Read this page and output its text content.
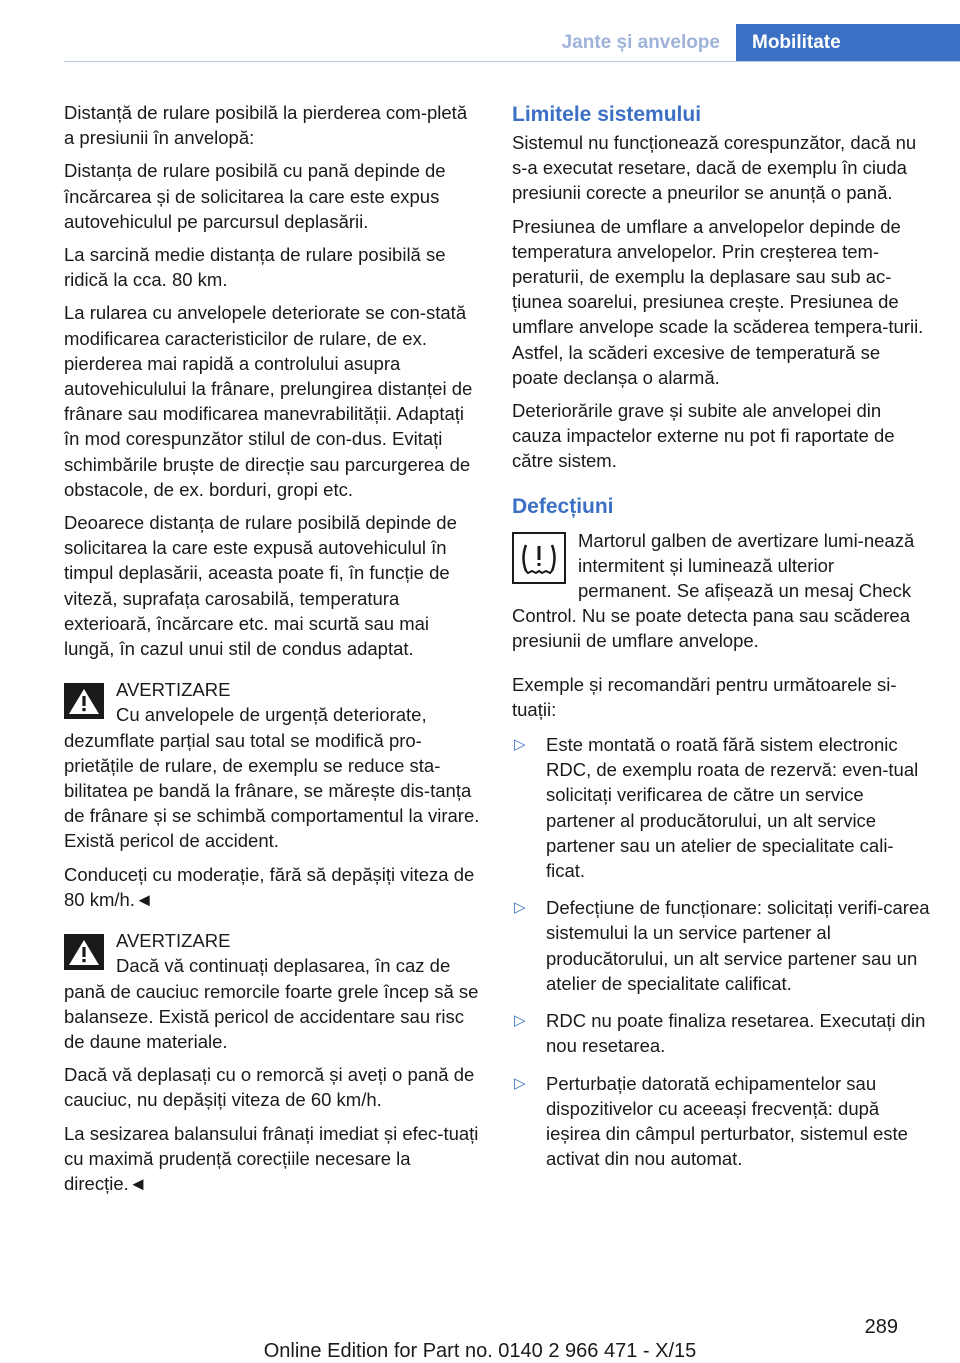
Jante și anvelope	Mobilitate

Distanță de rulare posibilă la pierderea com‐pletă a presiunii în anvelopă:

Distanța de rulare posibilă cu pană depinde de încărcarea și de solicitarea la care este expus autovehiculul pe parcursul deplasării.

La sarcină medie distanța de rulare posibilă se ridică la cca. 80 km.

La rularea cu anvelopele deteriorate se con‐stată modificarea caracteristicilor de rulare, de ex. pierderea mai rapidă a controlului asupra autovehiculului la frânare, prelungirea distanței de frânare sau modificarea manevrabilității. Adaptați în mod corespunzător stilul de con‐dus. Evitați schimbările bruște de direcție sau parcurgerea de obstacole, de ex. borduri, gropi etc.

Deoarece distanța de rulare posibilă depinde de solicitarea la care este expusă autovehiculul în timpul deplasării, aceasta poate fi, în funcție de viteză, suprafața carosabilă, temperatura exterioară, încărcare etc. mai scurtă sau mai lungă, în cazul unui stil de condus adaptat.

AVERTIZARE

Cu anvelopele de urgență deteriorate, dezumflate parțial sau total se modifică pro‐prietățile de rulare, de exemplu se reduce sta‐bilitatea pe bandă la frânare, se mărește dis‐tanța de frânare și se schimbă comportamentul la virare. Există pericol de accident.

Conduceți cu moderație, fără să depășiți viteza de 80 km/h.◄

AVERTIZARE

Dacă vă continuați deplasarea, în caz de pană de cauciuc remorcile foarte grele încep să se balanseze. Există pericol de accidentare sau risc de daune materiale.

Dacă vă deplasați cu o remorcă și aveți o pană de cauciuc, nu depășiți viteza de 60 km/h.

La sesizarea balansului frânați imediat și efec‐tuați cu maximă prudență corecțiile necesare la direcție.◄

Limitele sistemului

Sistemul nu funcționează corespunzător, dacă nu s-a executat resetare, dacă de exemplu în ciuda presiunii corecte a pneurilor se anunță o pană.

Presiunea de umflare a anvelopelor depinde de temperatura anvelopelor. Prin creșterea tem‐peraturii, de exemplu la deplasare sau sub ac‐țiunea soarelui, presiunea crește. Presiunea de umflare anvelope scade la scăderea tempera‐turii. Astfel, la scăderi excesive de temperatură se poate declanșa o alarmă.

Deteriorările grave și subite ale anvelopei din cauza impactelor externe nu pot fi raportate de către sistem.

Defecțiuni

Martorul galben de avertizare lumi‐nează intermitent și luminează ulterior permanent. Se afișează un mesaj Check Control. Nu se poate detecta pana sau scăderea presiunii de umflare anvelope.

Exemple și recomandări pentru următoarele si‐tuații:

▷ Este montată o roată fără sistem electronic RDC, de exemplu roata de rezervă: even‐tual solicitați verificarea de către un service partener al producătorului, un alt service partener sau un atelier de specialitate cali‐ficat.
▷ Defecțiune de funcționare: solicitați verifi‐carea sistemului la un service partener al producătorului, un alt service partener sau un atelier de specialitate calificat.
▷ RDC nu poate finaliza resetarea. Executați din nou resetarea.
▷ Perturbație datorată echipamentelor sau dispozitivelor cu aceeași frecvență: după ieșirea din câmpul perturbator, sistemul este activat din nou automat.
289
Online Edition for Part no. 0140 2 966 471 - X/15
